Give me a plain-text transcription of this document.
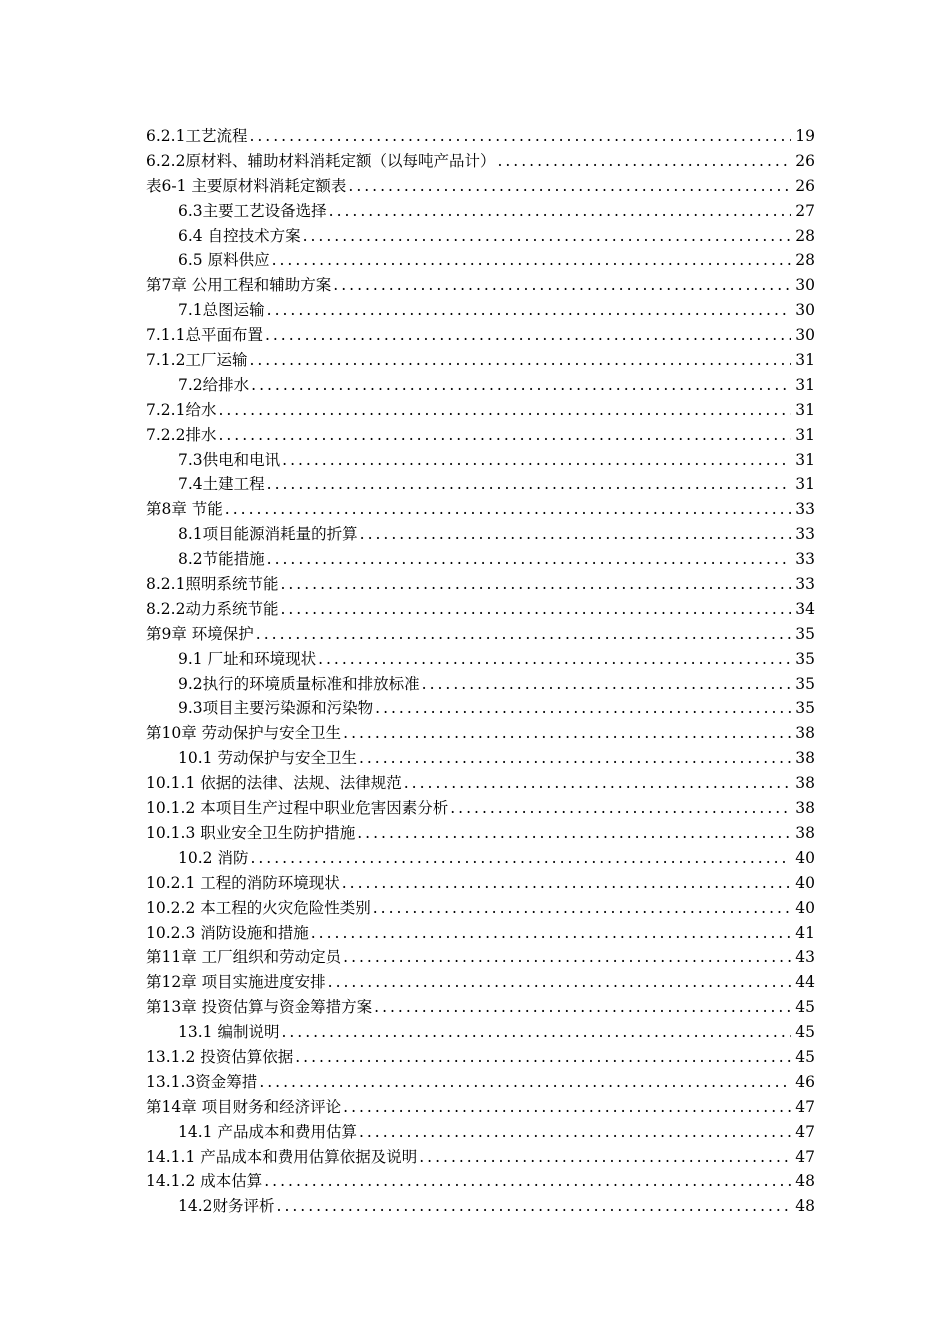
6.2.1工艺流程 .....	19
6.2.2原材料、辅助材料消耗定额（以每吨产品计） .....	26
表6-1 主要原材料消耗定额表 .....	26
6.3主要工艺设备选择 .....	27
6.4 自控技术方案 .....	28
6.5 原料供应 .....	28
第7章 公用工程和辅助方案 .....	30
7.1总图运输 .....	30
7.1.1总平面布置 .....	30
7.1.2工厂运输 .....	31
7.2给排水 .....	31
7.2.1给水 .....	31
7.2.2排水 .....	31
7.3供电和电讯 .....	31
7.4土建工程 .....	31
第8章 节能 .....	33
8.1项目能源消耗量的折算 .....	33
8.2节能措施 .....	33
8.2.1照明系统节能 .....	33
8.2.2动力系统节能 .....	34
第9章 环境保护 .....	35
9.1 厂址和环境现状 .....	35
9.2执行的环境质量标准和排放标准 .....	35
9.3项目主要污染源和污染物 .....	35
第10章 劳动保护与安全卫生 .....	38
10.1 劳动保护与安全卫生 .....	38
10.1.1 依据的法律、法规、法律规范 .....	38
10.1.2 本项目生产过程中职业危害因素分析 .....	38
10.1.3 职业安全卫生防护措施 .....	38
10.2 消防 .....	40
10.2.1 工程的消防环境现状 .....	40
10.2.2 本工程的火灾危险性类别 .....	40
10.2.3 消防设施和措施 .....	41
第11章 工厂组织和劳动定员 .....	43
第12章 项目实施进度安排 .....	44
第13章 投资估算与资金筹措方案 .....	45
13.1 编制说明 .....	45
13.1.2 投资估算依据 .....	45
13.1.3资金筹措 .....	46
第14章 项目财务和经济评论 .....	47
14.1 产品成本和费用估算 .....	47
14.1.1 产品成本和费用估算依据及说明 .....	47
14.1.2 成本估算 .....	48
14.2财务评析 .....	48
